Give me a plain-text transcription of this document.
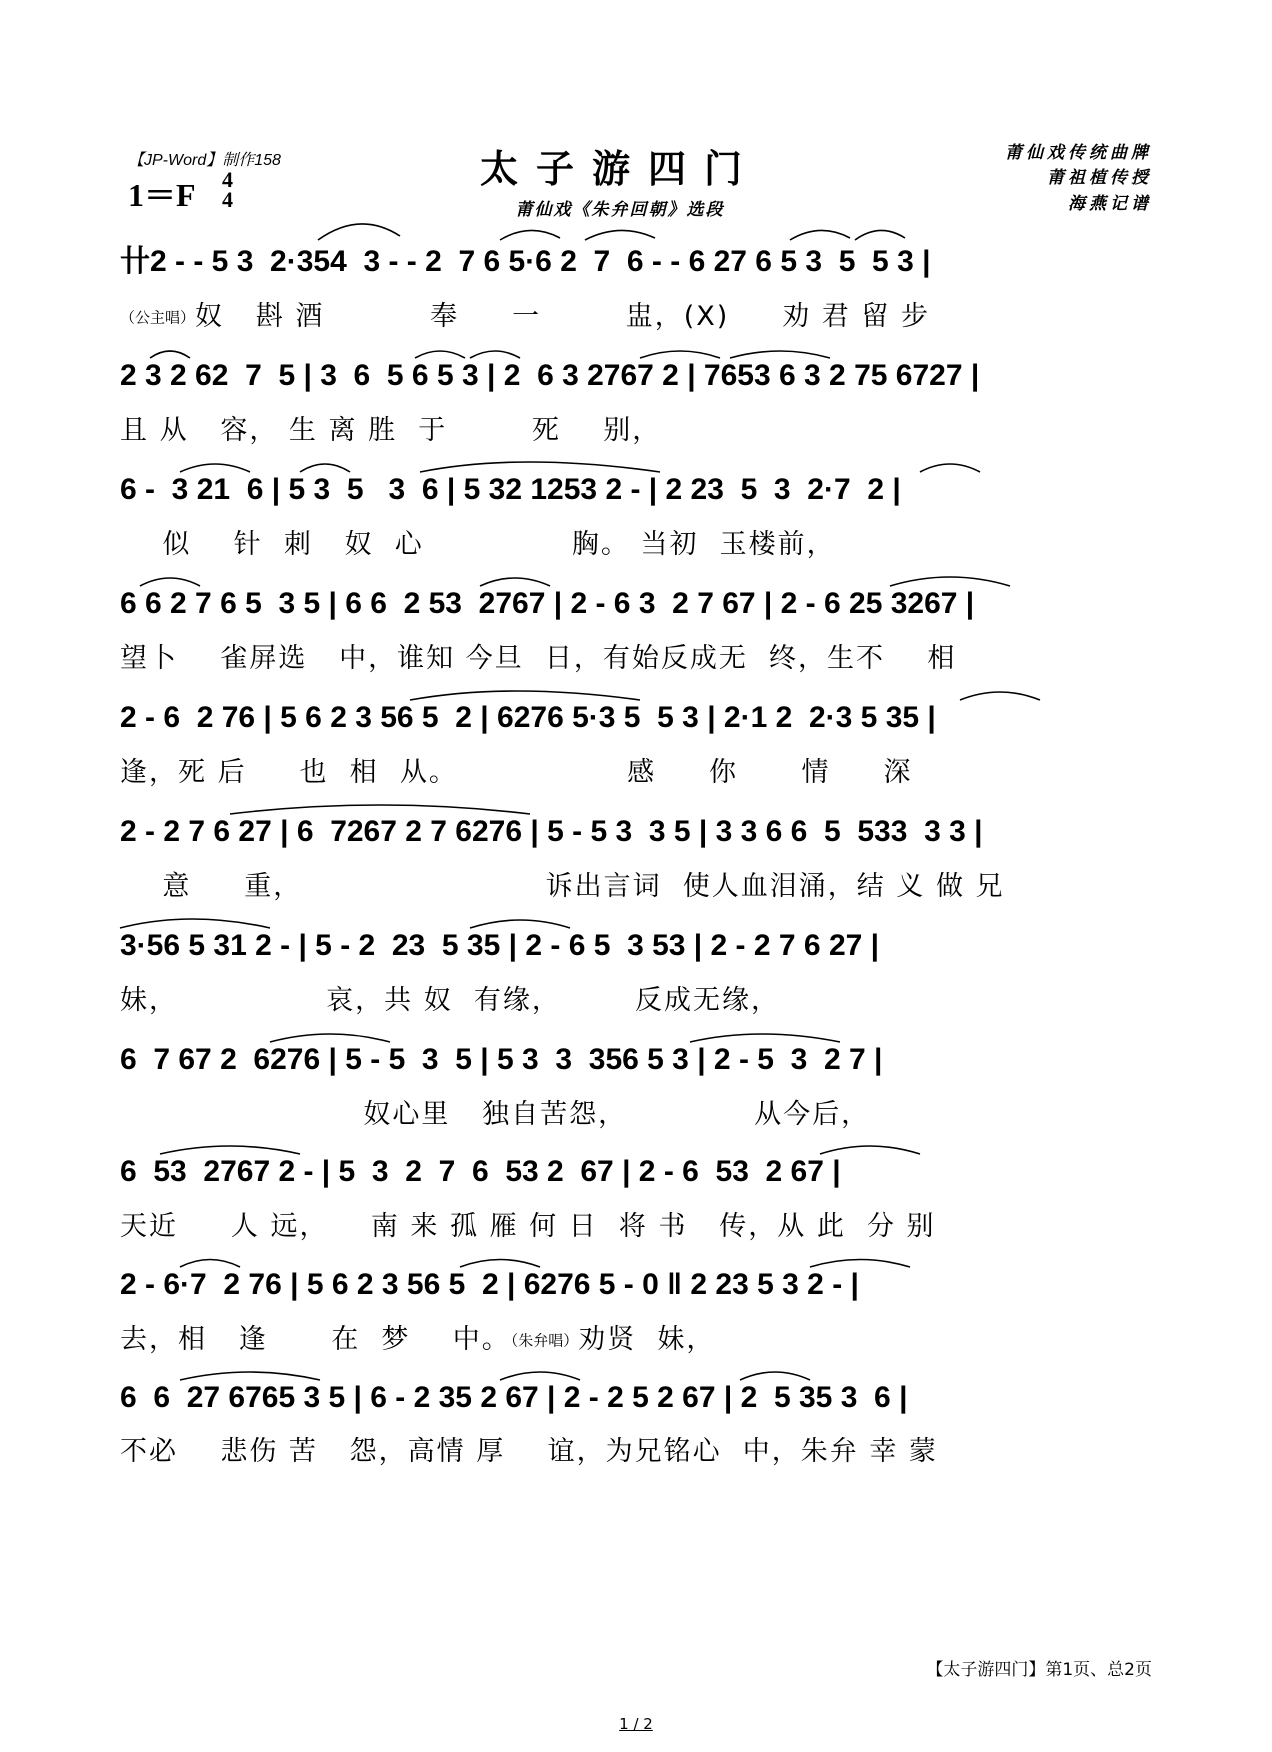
【JP-Word】制作158
1＝F 4
4
太子游四门
莆仙戏《朱弁回朝》选段
莆仙戏传统曲牌
莆祖植传授
海燕记谱
卄2 - - 5 3  2·354  3 - - 2  7 6 5·6 2  7  6 - - 6 27 6 5 3  5  5 3 |
（公主唱）奴   斟 酒          奉     一        盅，(X)     劝 君 留 步
2 3 2 62  7  5 | 3  6  5 6 5 3 | 2  6 3 2767 2 | 7653 6 3 2 75 6727 |
且 从   容， 生 离 胜  于        死    别，
6 -  3 21  6 | 5 3  5   3  6 | 5 32 1253 2 - | 2 23  5  3  2·7  2 |
似    针  刺   奴  心              胸。 当初  玉楼前，
6 6 2 7 6 5  3 5 | 6 6  2 53  2767 | 2 - 6 3  2 7 67 | 2 - 6 25 3267 |
望卜    雀屏选   中，谁知 今旦  日，有始反成无  终，生不    相
2 - 6  2 76 | 5 6 2 3 56 5  2 | 6276 5·3 5  5 3 | 2·1 2  2·3 5 35 |
逢，死 后     也  相  从。                感     你      情     深
2 - 2 7 6 27 | 6  7267 2 7 6276 | 5 - 5 3  3 5 | 3 3 6 6  5  533  3 3 |
意     重，                       诉出言词  使人血泪涌，结 义 做 兄
3·56 5 31 2 - | 5 - 2  23  5 35 | 2 - 6 5  3 53 | 2 - 2 7 6 27 |
妹，              哀，共 奴  有缘，       反成无缘，
6  7 67 2  6276 | 5 - 5  3  5 | 5 3  3  356 5 3 | 2 - 5  3  2 7 |
奴心里   独自苦怨，            从今后，
6  53  2767 2 - | 5  3  2  7  6  53 2  67 | 2 - 6  53  2 67 |
天近     人 远，    南 来 孤 雁 何 日  将 书   传，从 此  分 别
2 - 6·7  2 76 | 5 6 2 3 56 5  2 | 6276 5 - 0 ‖ 2 23 5 3 2 - |
去，相   逢      在  梦    中。（朱弁唱）劝贤  妹，
6  6  27 6765 3 5 | 6 - 2 35 2 67 | 2 - 2 5 2 67 | 2  5 35 3  6 |
不必    悲伤 苦   怨，高情 厚    谊，为兄铭心  中，朱弁 幸 蒙
【太子游四门】第1页、总2页
1 / 2
